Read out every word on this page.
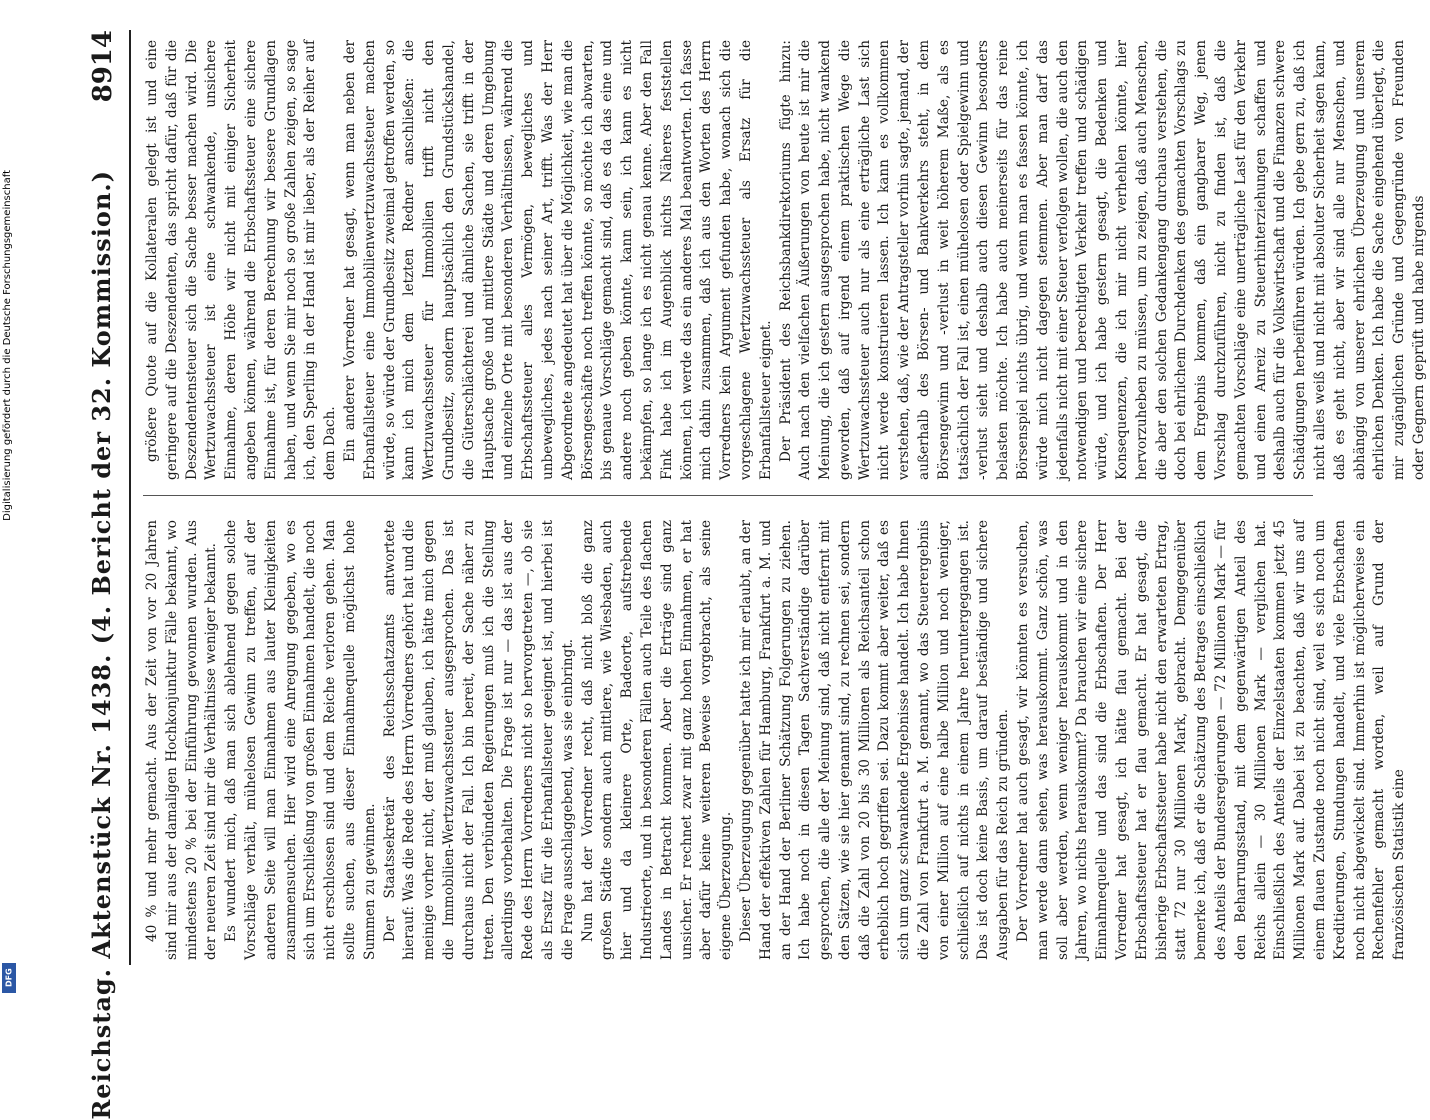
8914
Reichstag. Aktenstück Nr. 1438. (4. Bericht der 32. Kommission.) 40 % und mehr gemacht. Aus der Zeit von vor 20 Jahren sind mir aus der damaligen Hochkonjunktur Fälle bekannt, wo mindestens 20 % bei der Einführung gewonnen wurden. Aus der neueren Zeit sind mir die Verhältnisse weniger bekannt. Es wundert mich, daß man sich ablehnend gegen solche Vorschläge verhält, mühelosen Gewinn zu treffen, auf der anderen Seite will man Einnahmen aus lauter Kleinigkeiten zusammensuchen. Hier wird eine Anregung gegeben, wo es sich um Erschließung von großen Einnahmen handelt, die noch nicht erschlossen sind und dem Reiche verloren gehen. Man sollte suchen, aus dieser Einnahmequelle möglichst hohe Summen zu gewinnen. Der Staatssekretär des Reichsschatzamts antwortete hierauf: Was die Rede des Herrn Vorredners gehört hat und die meinige vorher nicht, der muß glauben, ich hätte mich gegen die Immobilien-Wertzuwachssteuer ausgesprochen. Das ist durchaus nicht der Fall. Ich bin bereit, der Sache näher zu treten. Den verbündeten Regierungen muß ich die Stellung allerdings vorbehalten. Die Frage ist nur — das ist aus der Rede des Herrn Vorredners nicht so hervorgetreten —, ob sie als Ersatz für die Erbanfallsteuer geeignet ist, und hierbei ist die Frage ausschlaggebend, was sie einbringt. Nun hat der Vorredner recht, daß nicht bloß die ganz großen Städte sondern auch mittlere, wie Wiesbaden, auch hier und da kleinere Orte, Badeorte, aufstrebende Industrieorte, und in besonderen Fällen auch Teile des flachen Landes in Betracht kommen. Aber die Erträge sind ganz unsicher. Er rechnet zwar mit ganz hohen Einnahmen, er hat aber dafür keine weiteren Beweise vorgebracht, als seine eigene Überzeugung. Dieser Überzeugung gegenüber hatte ich mir erlaubt, an der Hand der effektiven Zahlen für Hamburg, Frankfurt a. M. und an der Hand der Berliner Schätzung Folgerungen zu ziehen. Ich habe noch in diesen Tagen Sachverständige darüber gesprochen, die alle der Meinung sind, daß nicht entfernt mit den Sätzen, wie sie hier genannt sind, zu rechnen sei, sondern daß die Zahl von 20 bis 30 Millionen als Reichsanteil schon erheblich hoch gegriffen sei. Dazu kommt aber weiter, daß es sich um ganz schwankende Ergebnisse handelt. Ich habe Ihnen die Zahl von Frankfurt a. M. genannt, wo das Steuerergebnis von einer Million auf eine halbe Million und noch weniger, schließlich auf nichts in einem Jahre heruntergegangen ist. Das ist doch keine Basis, um darauf beständige und sichere Ausgaben für das Reich zu gründen. Der Vorredner hat auch gesagt, wir könnten es versuchen, man werde dann sehen, was herauskommt. Ganz schön, was soll aber werden, wenn weniger herauskommt und in den Jahren, wo nichts herauskommt? Da brauchen wir eine sichere Einnahmequelle und das sind die Erbschaften. Der Herr Vorredner hat gesagt, ich hätte flau gemacht. Bei der Erbschaftssteuer hat er flau gemacht. Er hat gesagt, die bisherige Erbschaftssteuer habe nicht den erwarteten Ertrag, statt 72 nur 30 Millionen Mark, gebracht. Demgegenüber bemerke ich, daß er die Schätzung des Betrages einschließlich des Anteils der Bundesregierungen — 72 Millionen Mark — für den Beharrungsstand, mit dem gegenwärtigen Anteil des Reichs allein — 30 Millionen Mark — verglichen hat. Einschließlich des Anteils der Einzelstaaten kommen jetzt 45 Millionen Mark auf. Dabei ist zu beachten, daß wir uns auf einem flauen Zustande noch nicht sind, weil es sich noch um Kreditierungen, Stundungen handelt, und viele Erbschaften noch nicht abgewickelt sind. Immerhin ist möglicherweise ein Rechenfehler gemacht worden, weil auf Grund der französischen Statistik eine

größere Quote auf die Kollateralen gelegt ist und eine geringere auf die Deszendenten, das spricht dafür, daß für die Deszendentensteuer sich die Sache besser machen wird. Die Wertzuwachssteuer ist eine schwankende, unsichere Einnahme, deren Höhe wir nicht mit einiger Sicherheit angeben können, während die Erbschaftssteuer eine sichere Einnahme ist, für deren Berechnung wir bessere Grundlagen haben, und wenn Sie mir noch so große Zahlen zeigen, so sage ich, den Sperling in der Hand ist mir lieber, als der Reiher auf dem Dach. Ein anderer Vorredner hat gesagt, wenn man neben der Erbanfallsteuer eine Immobilienwertzuwachssteuer machen würde, so würde der Grundbesitz zweimal getroffen werden, so kann ich mich dem letzten Redner anschließen: die Wertzuwachssteuer für Immobilien trifft nicht den Grundbesitz, sondern hauptsächlich den Grundstückshandel, die Güterschlächterei und ähnliche Sachen, sie trifft in der Hauptsache große und mittlere Städte und deren Umgebung und einzelne Orte mit besonderen Verhältnissen, während die Erbschaftssteuer alles Vermögen, bewegliches und unbewegliches, jedes nach seiner Art, trifft. Was der Herr Abgeordnete angedeutet hat über die Möglichkeit, wie man die Börsengeschäfte noch treffen könnte, so möchte ich abwarten, bis genaue Vorschläge gemacht sind, daß es da das eine und andere noch geben könnte, kann sein, ich kann es nicht bekämpfen, so lange ich es nicht genau kenne. Aber den Fall Fink habe ich im Augenblick nichts Näheres feststellen können, ich werde das ein anderes Mal beantworten. Ich fasse mich dahin zusammen, daß ich aus den Worten des Herrn Vorredners kein Argument gefunden habe, wonach sich die vorgeschlagene Wertzuwachssteuer als Ersatz für die Erbanfallsteuer eignet. Der Präsident des Reichsbankdirektoriums fügte hinzu: Auch nach den vielfachen Äußerungen von heute ist mir die Meinung, die ich gestern ausgesprochen habe, nicht wankend geworden, daß auf irgend einem praktischen Wege die Wertzuwachssteuer auch nur als eine erträgliche Last sich nicht werde konstruieren lassen. Ich kann es vollkommen verstehen, daß, wie der Antragsteller vorhin sagte, jemand, der außerhalb des Börsen- und Bankverkehrs steht, in dem Börsengewinn und -verlust in weit höherem Maße, als es tatsächlich der Fall ist, einen mühelosen oder Spielgewinn und -verlust sieht und deshalb auch diesen Gewinn besonders belasten möchte. Ich habe auch meinerseits für das reine Börsenspiel nichts übrig, und wenn man es fassen könnte, ich würde mich nicht dagegen stemmen. Aber man darf das jedenfalls nicht mit einer Steuer verfolgen wollen, die auch den notwendigen und berechtigten Verkehr treffen und schädigen würde, und ich habe gestern gesagt, die Bedenken und Konsequenzen, die ich mir nicht verhehlen könnte, hier hervorzuheben zu müssen, um zu zeigen, daß auch Menschen, die aber den solchen Gedankengang durchaus verstehen, die doch bei ehrlichem Durchdenken des gemachten Vorschlags zu dem Ergebnis kommen, daß ein gangbarer Weg, jenen Vorschlag durchzuführen, nicht zu finden ist, daß die gemachten Vorschläge eine unerträgliche Last für den Verkehr und einen Anreiz zu Steuerhinterziehungen schaffen und deshalb auch für die Volkswirtschaft und die Finanzen schwere Schädigungen herbeiführen würden. Ich gebe gern zu, daß ich nicht alles weiß und nicht mit absoluter Sicherheit sagen kann, daß es geht nicht, aber wir sind alle nur Menschen, und abhängig von unserer ehrlichen Überzeugung und unserem ehrlichen Denken. Ich habe die Sache eingehend überlegt, die mir zugänglichen Gründe und Gegengründe von Freunden oder Gegnern geprüft und habe nirgends

Digitalisierung gefördert durch die Deutsche Forschungsgemeinschaft
DFG
